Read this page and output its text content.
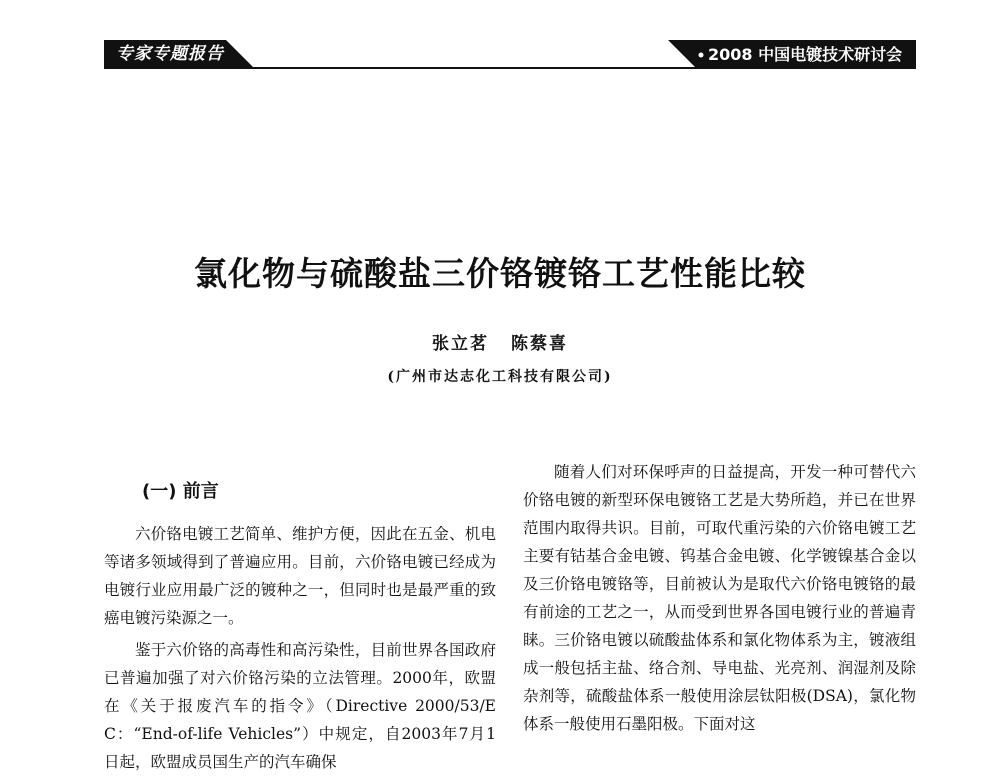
专家专题报告	2008 中国电镀技术研讨会
氯化物与硫酸盐三价铬镀铬工艺性能比较
张立茗 陈蔡喜
(广州市达志化工科技有限公司)
(一) 前言

六价铬电镀工艺简单、维护方便，因此在五金、机电等诸多领域得到了普遍应用。目前，六价铬电镀已经成为电镀行业应用最广泛的镀种之一，但同时也是最严重的致癌电镀污染源之一。

鉴于六价铬的高毒性和高污染性，目前世界各国政府已普遍加强了对六价铬污染的立法管理。2000年，欧盟在《关于报废汽车的指令》（Directive 2000/53/EC：“End-of-life Vehicles”）中规定，自2003年7月1日起，欧盟成员国生产的汽车确保

随着人们对环保呼声的日益提高，开发一种可替代六价铬电镀的新型环保电镀铬工艺是大势所趋，并已在世界范围内取得共识。目前，可取代重污染的六价铬电镀工艺主要有钴基合金电镀、钨基合金电镀、化学镀镍基合金以及三价铬电镀铬等，目前被认为是取代六价铬电镀铬的最有前途的工艺之一，从而受到世界各国电镀行业的普遍青睐。三价铬电镀以硫酸盐体系和氯化物体系为主，镀液组成一般包括主盐、络合剂、导电盐、光亮剂、润湿剂及除杂剂等，硫酸盐体系一般使用涂层钛阳极(DSA)，氯化物体系一般使用石墨阳极。下面对这
